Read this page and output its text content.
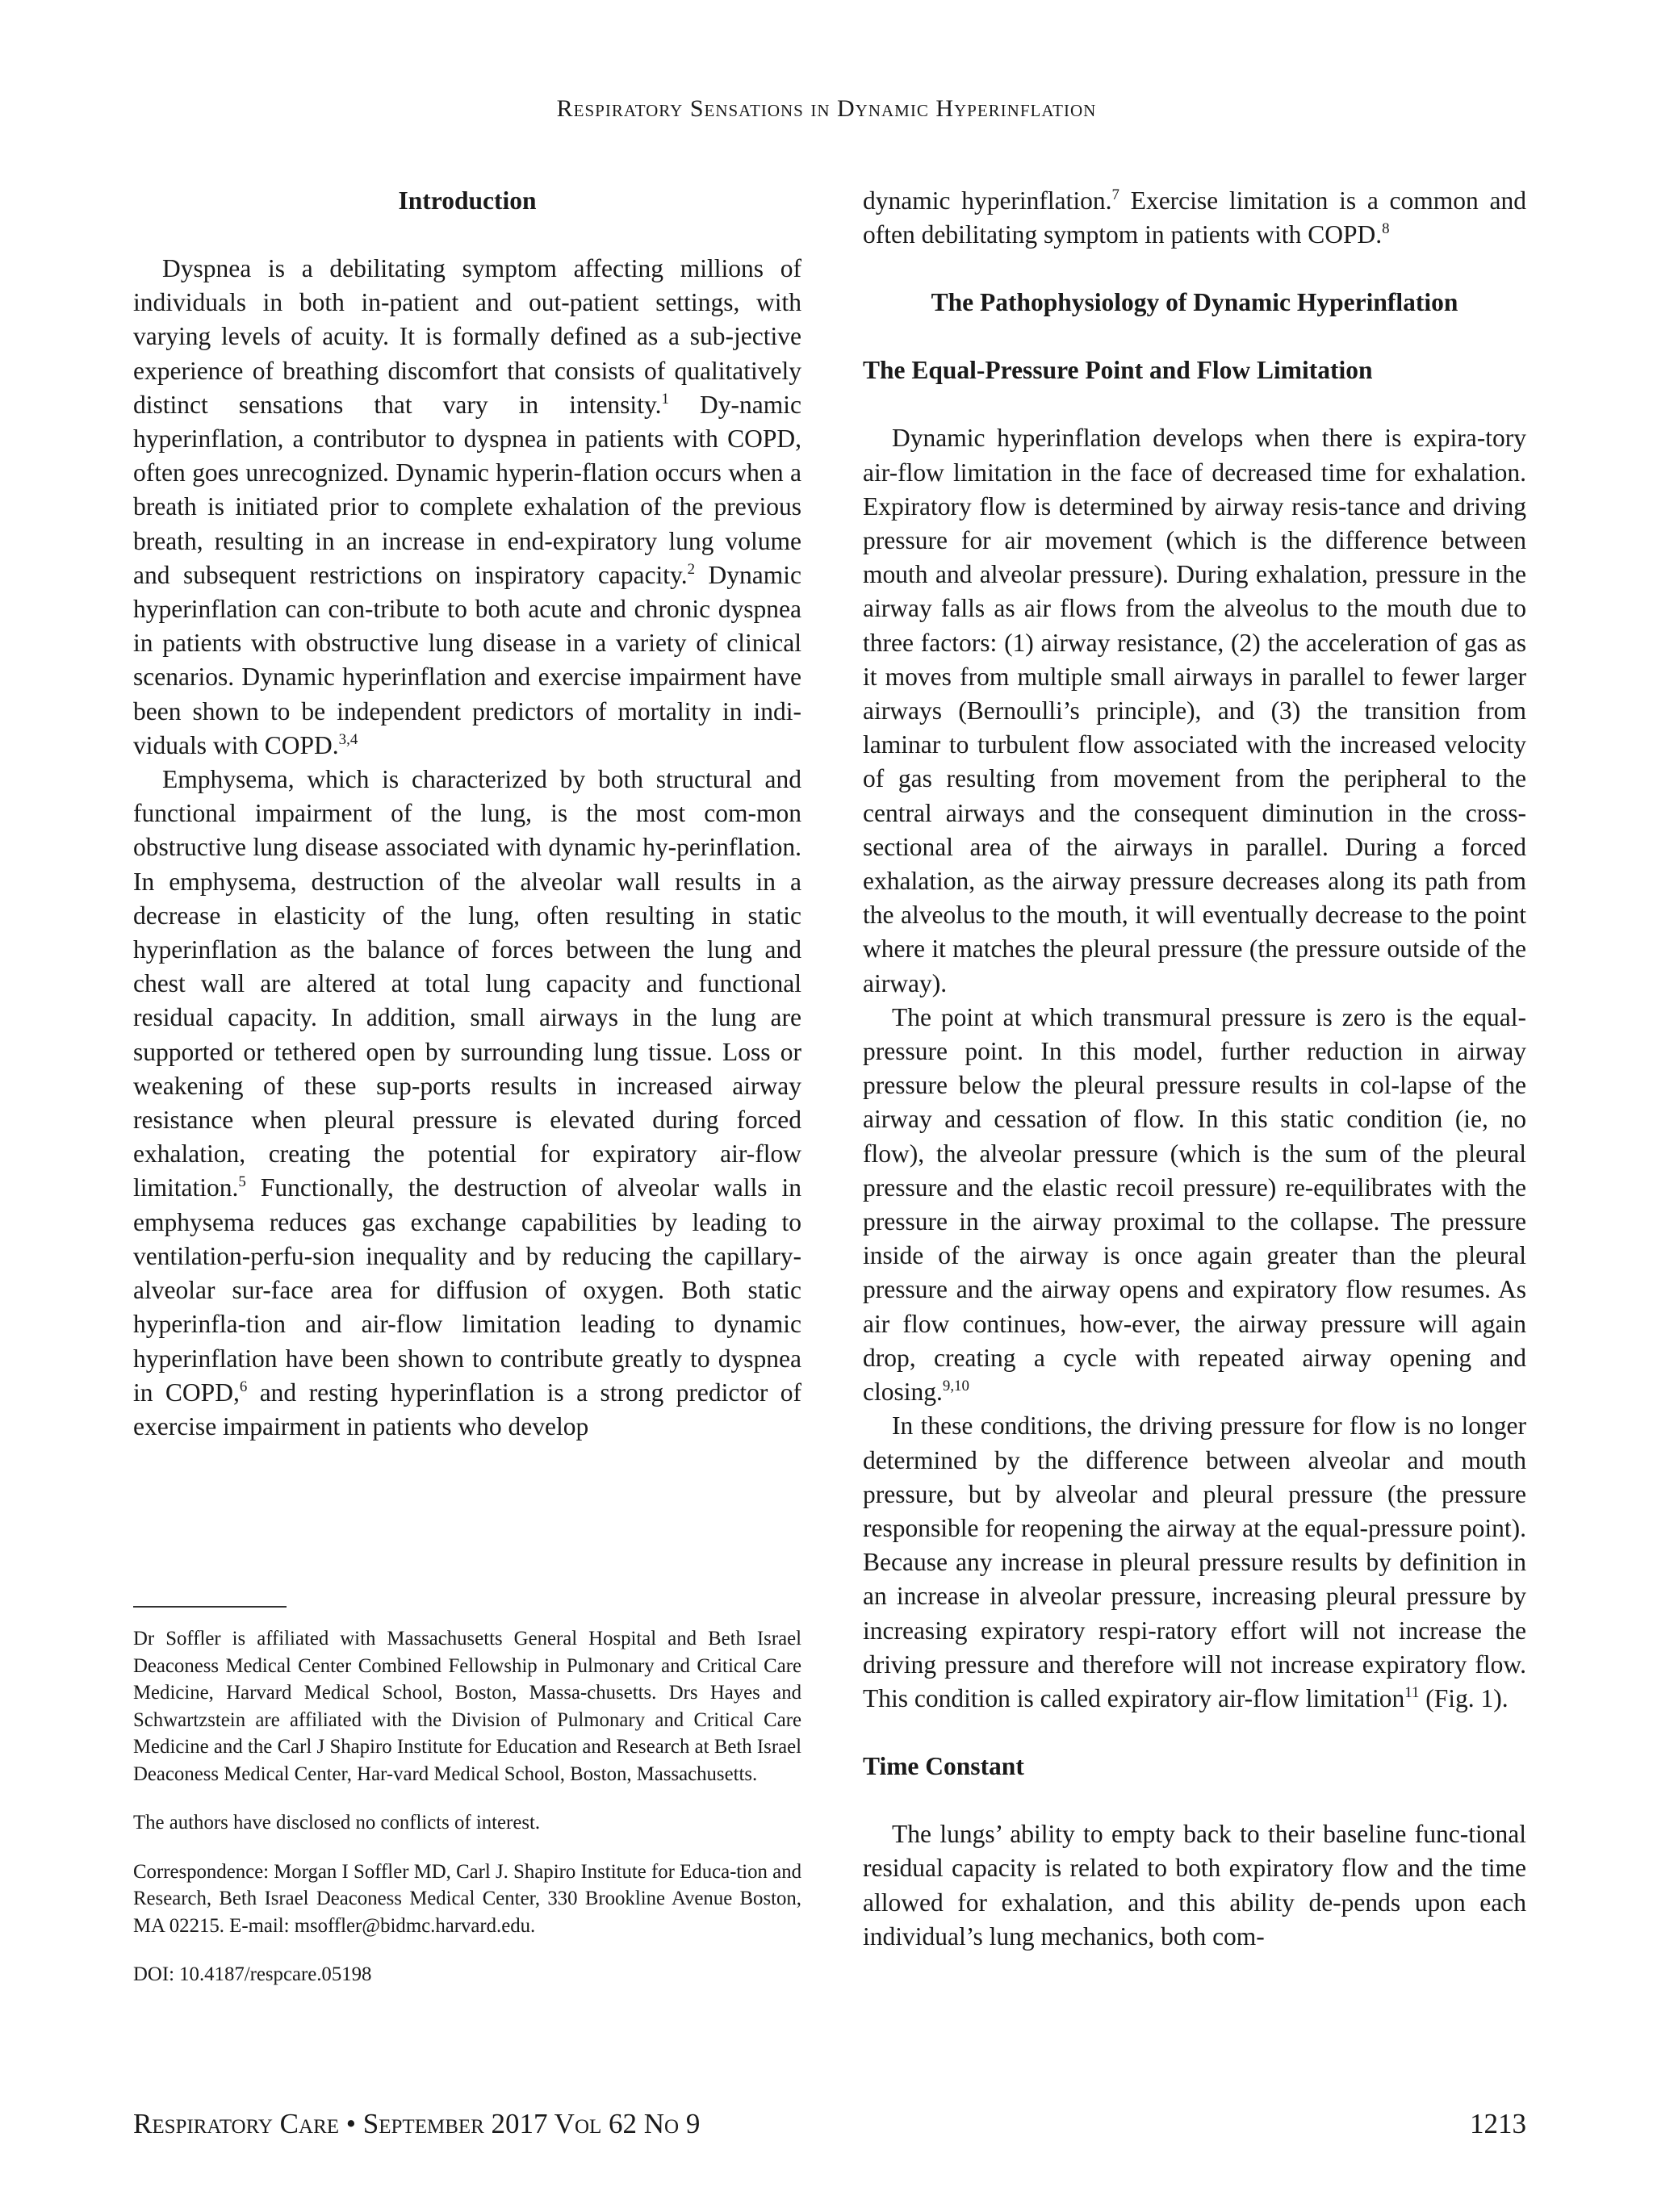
Respiratory Sensations in Dynamic Hyperinflation
Introduction

Dyspnea is a debilitating symptom affecting millions of individuals in both in-patient and out-patient settings, with varying levels of acuity. It is formally defined as a sub-jective experience of breathing discomfort that consists of qualitatively distinct sensations that vary in intensity.$^1$ Dy-namic hyperinflation, a contributor to dyspnea in patients with COPD, often goes unrecognized. Dynamic hyperin-flation occurs when a breath is initiated prior to complete exhalation of the previous breath, resulting in an increase in end-expiratory lung volume and subsequent restrictions on inspiratory capacity.$^2$ Dynamic hyperinflation can con-tribute to both acute and chronic dyspnea in patients with obstructive lung disease in a variety of clinical scenarios. Dynamic hyperinflation and exercise impairment have been shown to be independent predictors of mortality in indi-viduals with COPD.$^{3,4}$

Emphysema, which is characterized by both structural and functional impairment of the lung, is the most com-mon obstructive lung disease associated with dynamic hy-perinflation. In emphysema, destruction of the alveolar wall results in a decrease in elasticity of the lung, often resulting in static hyperinflation as the balance of forces between the lung and chest wall are altered at total lung capacity and functional residual capacity. In addition, small airways in the lung are supported or tethered open by surrounding lung tissue. Loss or weakening of these sup-ports results in increased airway resistance when pleural pressure is elevated during forced exhalation, creating the potential for expiratory air-flow limitation.$^5$ Functionally, the destruction of alveolar walls in emphysema reduces gas exchange capabilities by leading to ventilation-perfu-sion inequality and by reducing the capillary-alveolar sur-face area for diffusion of oxygen. Both static hyperinfla-tion and air-flow limitation leading to dynamic hyperinflation have been shown to contribute greatly to dyspnea in COPD,$^6$ and resting hyperinflation is a strong predictor of exercise impairment in patients who develop

Dr Soffler is affiliated with Massachusetts General Hospital and Beth Israel Deaconess Medical Center Combined Fellowship in Pulmonary and Critical Care Medicine, Harvard Medical School, Boston, Massa-chusetts. Drs Hayes and Schwartzstein are affiliated with the Division of Pulmonary and Critical Care Medicine and the Carl J Shapiro Institute for Education and Research at Beth Israel Deaconess Medical Center, Har-vard Medical School, Boston, Massachusetts.

The authors have disclosed no conflicts of interest.

Correspondence: Morgan I Soffler MD, Carl J. Shapiro Institute for Educa-tion and Research, Beth Israel Deaconess Medical Center, 330 Brookline Avenue Boston, MA 02215. E-mail: msoffler@bidmc.harvard.edu.

DOI: 10.4187/respcare.05198

dynamic hyperinflation.$^7$ Exercise limitation is a common and often debilitating symptom in patients with COPD.$^8$

The Pathophysiology of Dynamic Hyperinflation
The Equal-Pressure Point and Flow Limitation

Dynamic hyperinflation develops when there is expira-tory air-flow limitation in the face of decreased time for exhalation. Expiratory flow is determined by airway resis-tance and driving pressure for air movement (which is the difference between mouth and alveolar pressure). During exhalation, pressure in the airway falls as air flows from the alveolus to the mouth due to three factors: (1) airway resistance, (2) the acceleration of gas as it moves from multiple small airways in parallel to fewer larger airways (Bernoulli’s principle), and (3) the transition from laminar to turbulent flow associated with the increased velocity of gas resulting from movement from the peripheral to the central airways and the consequent diminution in the cross-sectional area of the airways in parallel. During a forced exhalation, as the airway pressure decreases along its path from the alveolus to the mouth, it will eventually decrease to the point where it matches the pleural pressure (the pressure outside of the airway).

The point at which transmural pressure is zero is the equal-pressure point. In this model, further reduction in airway pressure below the pleural pressure results in col-lapse of the airway and cessation of flow. In this static condition (ie, no flow), the alveolar pressure (which is the sum of the pleural pressure and the elastic recoil pressure) re-equilibrates with the pressure in the airway proximal to the collapse. The pressure inside of the airway is once again greater than the pleural pressure and the airway opens and expiratory flow resumes. As air flow continues, how-ever, the airway pressure will again drop, creating a cycle with repeated airway opening and closing.$^{9,10}$

In these conditions, the driving pressure for flow is no longer determined by the difference between alveolar and mouth pressure, but by alveolar and pleural pressure (the pressure responsible for reopening the airway at the equal-pressure point). Because any increase in pleural pressure results by definition in an increase in alveolar pressure, increasing pleural pressure by increasing expiratory respi-ratory effort will not increase the driving pressure and therefore will not increase expiratory flow. This condition is called expiratory air-flow limitation$^{11}$ (Fig. 1).

Time Constant

The lungs’ ability to empty back to their baseline func-tional residual capacity is related to both expiratory flow and the time allowed for exhalation, and this ability de-pends upon each individual’s lung mechanics, both com-

Respiratory Care • September 2017 Vol 62 No 9	1213
